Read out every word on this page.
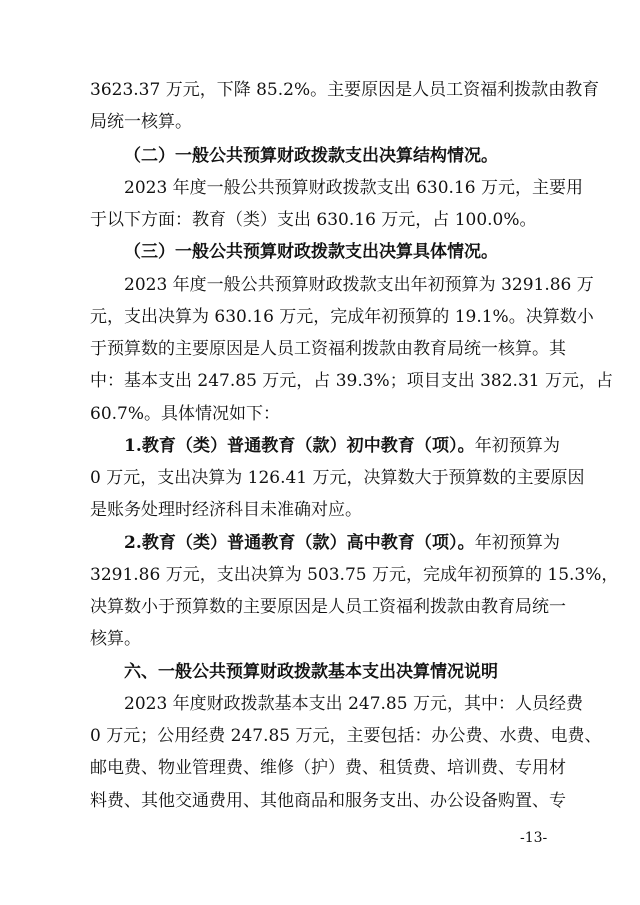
3623.37 万元，下降 85.2%。主要原因是人员工资福利拨款由教育
局统一核算。
（二）一般公共预算财政拨款支出决算结构情况。
2023 年度一般公共预算财政拨款支出 630.16 万元，主要用
于以下方面：教育（类）支出 630.16 万元，占 100.0%。
（三）一般公共预算财政拨款支出决算具体情况。
2023 年度一般公共预算财政拨款支出年初预算为 3291.86 万
元，支出决算为 630.16 万元，完成年初预算的 19.1%。决算数小
于预算数的主要原因是人员工资福利拨款由教育局统一核算。其
中：基本支出 247.85 万元，占 39.3%；项目支出 382.31 万元，占
60.7%。具体情况如下：
1.教育（类）普通教育（款）初中教育（项）。年初预算为
0 万元，支出决算为 126.41 万元，决算数大于预算数的主要原因
是账务处理时经济科目未准确对应。
2.教育（类）普通教育（款）高中教育（项）。年初预算为
3291.86 万元，支出决算为 503.75 万元，完成年初预算的 15.3%，
决算数小于预算数的主要原因是人员工资福利拨款由教育局统一
核算。
六、一般公共预算财政拨款基本支出决算情况说明
2023 年度财政拨款基本支出 247.85 万元，其中：人员经费
0 万元；公用经费 247.85 万元，主要包括：办公费、水费、电费、
邮电费、物业管理费、维修（护）费、租赁费、培训费、专用材
料费、其他交通费用、其他商品和服务支出、办公设备购置、专
-13-
